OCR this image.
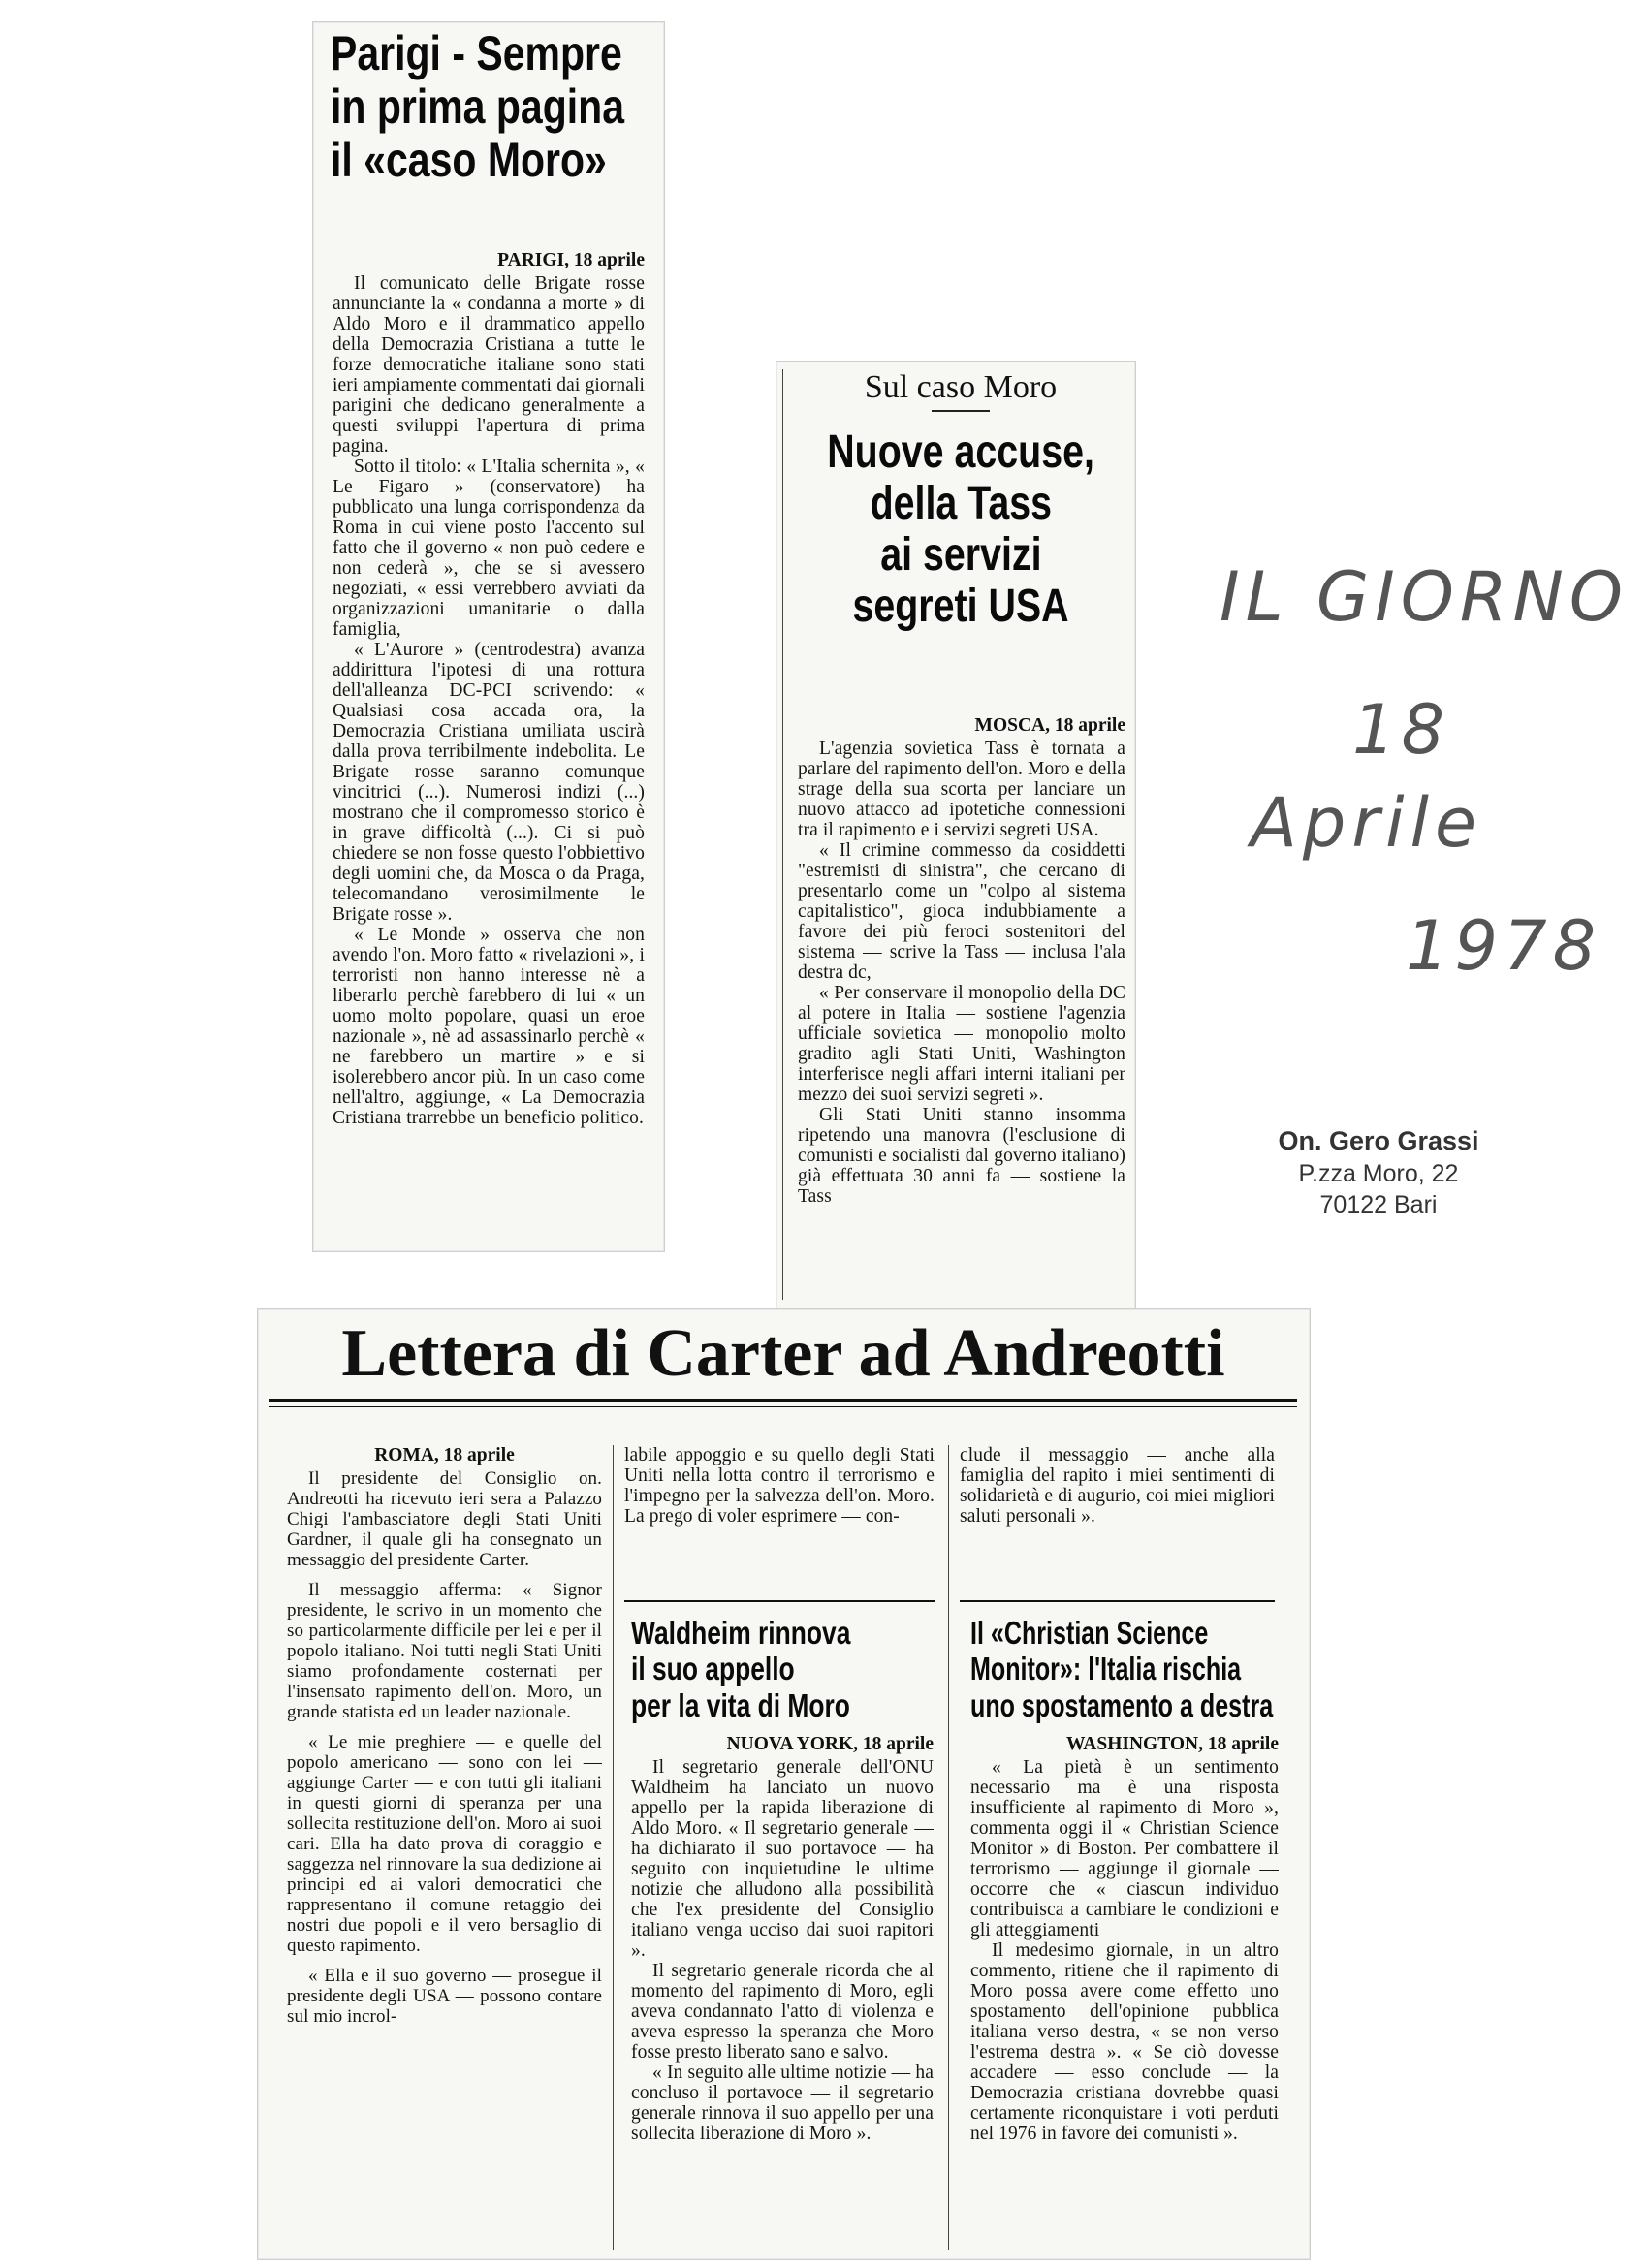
Parigi - Sempre
in prima pagina
il «caso Moro»
PARIGI, 18 aprile

Il comunicato delle Brigate rosse annunciante la « condanna a morte » di Aldo Moro e il drammatico appello della Democrazia Cristiana a tutte le forze democratiche italiane sono stati ieri ampiamente commentati dai giornali parigini che dedicano generalmente a questi sviluppi l'apertura di prima pagina.

Sotto il titolo: « L'Italia schernita », « Le Figaro » (conservatore) ha pubblicato una lunga corrispondenza da Roma in cui viene posto l'accento sul fatto che il governo « non può cedere e non cederà », che se si avessero negoziati, « essi verrebbero avviati da organizzazioni umanitarie o dalla famiglia,

« L'Aurore » (centrodestra) avanza addirittura l'ipotesi di una rottura dell'alleanza DC-PCI scrivendo: « Qualsiasi cosa accada ora, la Democrazia Cristiana umiliata uscirà dalla prova terribilmente indebolita. Le Brigate rosse saranno comunque vincitrici (...). Numerosi indizi (...) mostrano che il compromesso storico è in grave difficoltà (...). Ci si può chiedere se non fosse questo l'obbiettivo degli uomini che, da Mosca o da Praga, telecomandano verosimilmente le Brigate rosse ».

« Le Monde » osserva che non avendo l'on. Moro fatto « rivelazioni », i terroristi non hanno interesse nè a liberarlo perchè farebbero di lui « un uomo molto popolare, quasi un eroe nazionale », nè ad assassinarlo perchè « ne farebbero un martire » e si isolerebbero ancor più. In un caso come nell'altro, aggiunge, « La Democrazia Cristiana trarrebbe un beneficio politico.

Sul caso Moro
Nuove accuse,
della Tass
ai servizi
segreti USA
MOSCA, 18 aprile

L'agenzia sovietica Tass è tornata a parlare del rapimento dell'on. Moro e della strage della sua scorta per lanciare un nuovo attacco ad ipotetiche connessioni tra il rapimento e i servizi segreti USA.

« Il crimine commesso da cosiddetti "estremisti di sinistra", che cercano di presentarlo come un "colpo al sistema capitalistico", gioca indubbiamente a favore dei più feroci sostenitori del sistema — scrive la Tass — inclusa l'ala destra dc,

« Per conservare il monopolio della DC al potere in Italia — sostiene l'agenzia ufficiale sovietica — monopolio molto gradito agli Stati Uniti, Washington interferisce negli affari interni italiani per mezzo dei suoi servizi segreti ».

Gli Stati Uniti stanno insomma ripetendo una manovra (l'esclusione di comunisti e socialisti dal governo italiano) già effettuata 30 anni fa — sostiene la Tass

IL GIORNO
18
Aprile
1978
On. Gero Grassi
P.zza Moro, 22
70122 Bari
Lettera di Carter ad Andreotti
ROMA, 18 aprile

Il presidente del Consiglio on. Andreotti ha ricevuto ieri sera a Palazzo Chigi l'ambasciatore degli Stati Uniti Gardner, il quale gli ha consegnato un messaggio del presidente Carter.

Il messaggio afferma: « Signor presidente, le scrivo in un momento che so particolarmente difficile per lei e per il popolo italiano. Noi tutti negli Stati Uniti siamo profondamente costernati per l'insensato rapimento dell'on. Moro, un grande statista ed un leader nazionale.

« Le mie preghiere — e quelle del popolo americano — sono con lei — aggiunge Carter — e con tutti gli italiani in questi giorni di speranza per una sollecita restituzione dell'on. Moro ai suoi cari. Ella ha dato prova di coraggio e saggezza nel rinnovare la sua dedizione ai principi ed ai valori democratici che rappresentano il comune retaggio dei nostri due popoli e il vero bersaglio di questo rapimento.

« Ella e il suo governo — prosegue il presidente degli USA — possono contare sul mio incrol-

labile appoggio e su quello degli Stati Uniti nella lotta contro il terrorismo e l'impegno per la salvezza dell'on. Moro. La prego di voler esprimere — con-

clude il messaggio — anche alla famiglia del rapito i miei sentimenti di solidarietà e di augurio, coi miei migliori saluti personali ».

Waldheim rinnova
il suo appello
per la vita di Moro
NUOVA YORK, 18 aprile

Il segretario generale dell'ONU Waldheim ha lanciato un nuovo appello per la rapida liberazione di Aldo Moro. « Il segretario generale — ha dichiarato il suo portavoce — ha seguito con inquietudine le ultime notizie che alludono alla possibilità che l'ex presidente del Consiglio italiano venga ucciso dai suoi rapitori ».

Il segretario generale ricorda che al momento del rapimento di Moro, egli aveva condannato l'atto di violenza e aveva espresso la speranza che Moro fosse presto liberato sano e salvo.

« In seguito alle ultime notizie — ha concluso il portavoce — il segretario generale rinnova il suo appello per una sollecita liberazione di Moro ».

Il «Christian Science
Monitor»: l'Italia rischia
uno spostamento a destra
WASHINGTON, 18 aprile

« La pietà è un sentimento necessario ma è una risposta insufficiente al rapimento di Moro », commenta oggi il « Christian Science Monitor » di Boston. Per combattere il terrorismo — aggiunge il giornale — occorre che « ciascun individuo contribuisca a cambiare le condizioni e gli atteggiamenti

Il medesimo giornale, in un altro commento, ritiene che il rapimento di Moro possa avere come effetto uno spostamento dell'opinione pubblica italiana verso destra, « se non verso l'estrema destra ». « Se ciò dovesse accadere — esso conclude — la Democrazia cristiana dovrebbe quasi certamente riconquistare i voti perduti nel 1976 in favore dei comunisti ».
